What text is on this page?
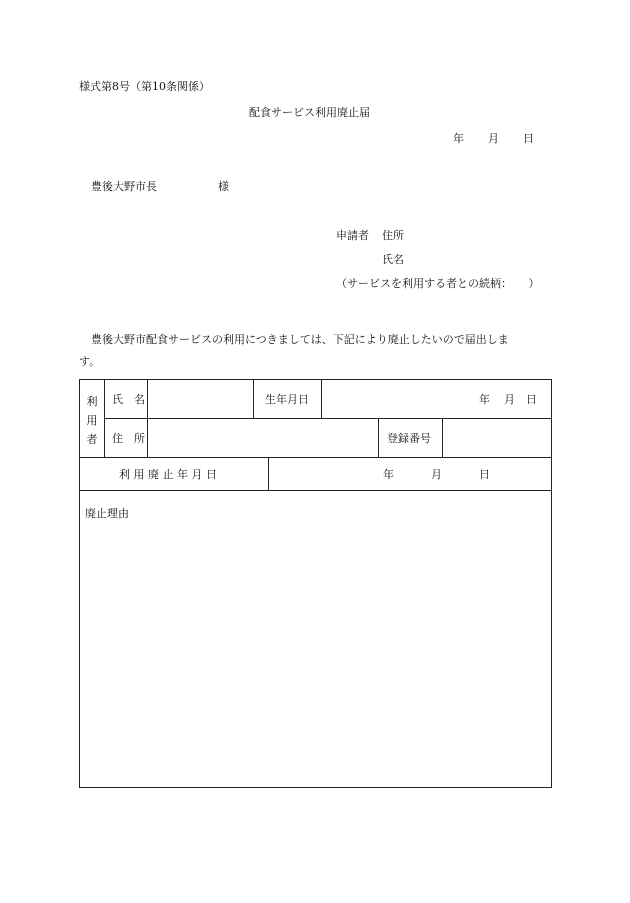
様式第8号（第10条関係）
配食サービス利用廃止届
年 月 日
豊後大野市長	様
申請者 住所
氏名
（サービスを利用する者との続柄：　　）
豊後大野市配食サービスの利用につきましては、下記により廃止したいので届出しま
す。
利用者
氏　名	生年月日	年 月 日
住　所	登録番号
利 用 廃 止 年 月 日	年	月	日
廃止理由
